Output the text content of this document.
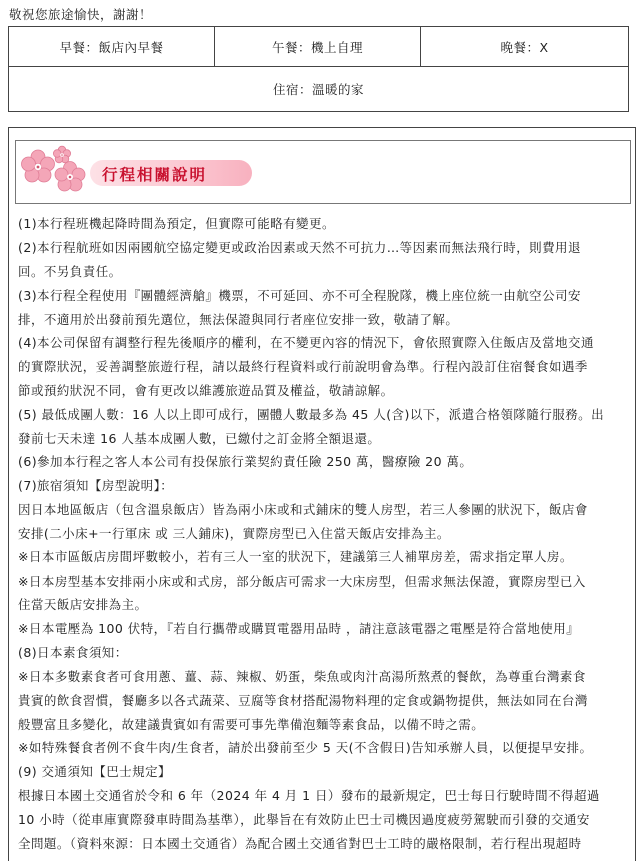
敬祝您旅途愉快，謝謝！
早餐：飯店內早餐	午餐：機上自理	晚餐：X
住宿：溫暖的家
行程相關說明
(1)本行程班機起降時間為預定，但實際可能略有變更。
(2)本行程航班如因兩國航空協定變更或政治因素或天然不可抗力…等因素而無法飛行時，則費用退
回。不另負責任。
(3)本行程全程使用『團體經濟艙』機票，不可延回、亦不可全程脫隊，機上座位統一由航空公司安
排，不適用於出發前預先選位，無法保證與同行者座位安排一致，敬請了解。
(4)本公司保留有調整行程先後順序的權利，在不變更內容的情況下，會依照實際入住飯店及當地交通
的實際狀況，妥善調整旅遊行程，請以最終行程資料或行前說明會為準。行程內設訂住宿餐食如遇季
節或預約狀況不同，會有更改以維護旅遊品質及權益，敬請諒解。
(5) 最低成團人數：16 人以上即可成行，團體人數最多為 45 人(含)以下，派遣合格領隊隨行服務。出
發前七天未達 16 人基本成團人數，已繳付之訂金將全額退還。
(6)參加本行程之客人本公司有投保旅行業契約責任險 250 萬，醫療險 20 萬。
(7)旅宿須知【房型說明】：
因日本地區飯店（包含溫泉飯店）皆為兩小床或和式鋪床的雙人房型，若三人參團的狀況下，飯店會
安排(二小床+一行軍床 或 三人鋪床)，實際房型已入住當天飯店安排為主。
※日本市區飯店房間坪數較小，若有三人一室的狀況下，建議第三人補單房差，需求指定單人房。
※日本房型基本安排兩小床或和式房，部分飯店可需求一大床房型，但需求無法保證，實際房型已入
住當天飯店安排為主。
※日本電壓為 100 伏特，『若自行攜帶或購買電器用品時 ，請注意該電器之電壓是符合當地使用』
(8)日本素食須知：
※日本多數素食者可食用蔥、薑、蒜、辣椒、奶蛋，柴魚或肉汁高湯所熬煮的餐飲，為尊重台灣素食
貴賓的飲食習慣，餐廳多以各式蔬菜、豆腐等食材搭配湯物料理的定食或鍋物提供，無法如同在台灣
般豐富且多變化，故建議貴賓如有需要可事先準備泡麵等素食品，以備不時之需。
※如特殊餐食者例不食牛肉/生食者，請於出發前至少 5 天(不含假日)告知承辦人員，以便提早安排。
(9) 交通須知【巴士規定】
根據日本國土交通省於令和 6 年（2024 年 4 月 1 日）發布的最新規定，巴士每日行駛時間不得超過
10 小時（從車庫實際發車時間為基準），此舉旨在有效防止巴士司機因過度疲勞駕駛而引發的交通安
全問題。（資料來源：日本國土交通省）為配合國土交通省對巴士工時的嚴格限制，若行程出現超時
